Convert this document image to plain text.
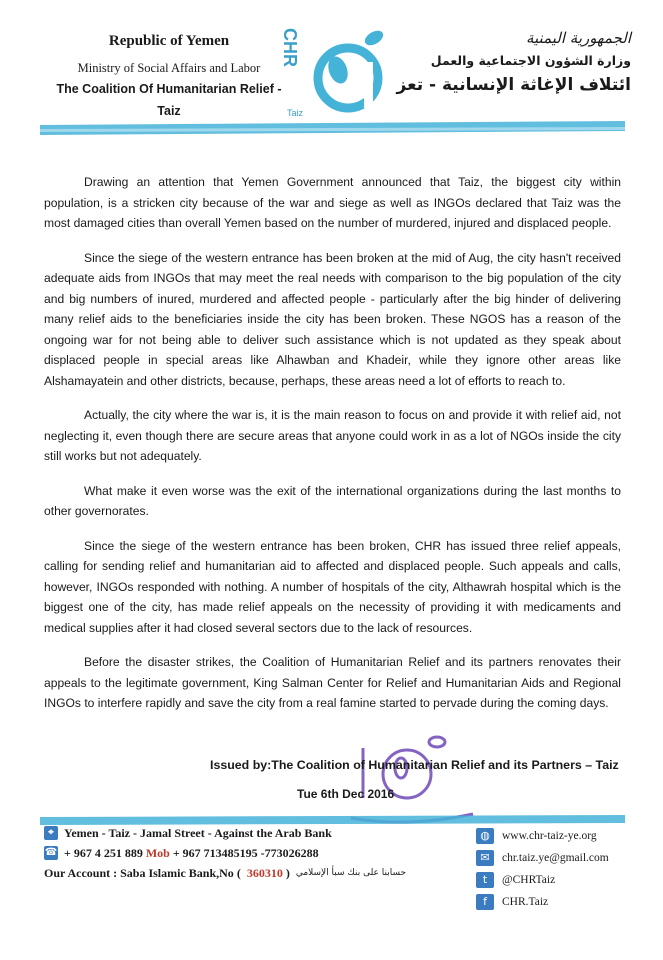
Republic of Yemen
Ministry of Social Affairs and Labor
The Coalition Of Humanitarian Relief - Taiz
CHR
Taiz
الجمهورية اليمنية
وزارة الشؤون الاجتماعية والعمل
ائتلاف الإغاثة الإنسانية - تعز

Drawing an attention that Yemen Government announced that Taiz, the biggest city within population, is a stricken city because of the war and siege as well as INGOs declared that Taiz was the most damaged cities than overall Yemen based on the number of murdered, injured and displaced people.

Since the siege of the western entrance has been broken at the mid of Aug, the city hasn't received adequate aids from INGOs that may meet the real needs with comparison to the big population of the city and big numbers of inured, murdered and affected people - particularly after the big hinder of delivering many relief aids to the beneficiaries inside the city has been broken. These NGOS has a reason of the ongoing war for not being able to deliver such assistance which is not updated as they speak about displaced people in special areas like Alhawban and Khadeir, while they ignore other areas like Alshamayatein and other districts, because, perhaps, these areas need a lot of efforts to reach to.

Actually, the city where the war is, it is the main reason to focus on and provide it with relief aid, not neglecting it, even though there are secure areas that anyone could work in as a lot of NGOs inside the city still works but not adequately.

What make it even worse was the exit of the international organizations during the last months to other governorates.

Since the siege of the western entrance has been broken, CHR has issued three relief appeals, calling for sending relief and humanitarian aid to affected and displaced people. Such appeals and calls, however, INGOs responded with nothing. A number of hospitals of the city, Althawrah hospital which is the biggest one of the city, has made relief appeals on the necessity of providing it with medicaments and medical supplies after it had closed several sectors due to the lack of resources.

Before the disaster strikes, the Coalition of Humanitarian Relief and its partners renovates their appeals to the legitimate government, King Salman Center for Relief and Humanitarian Aids and Regional INGOs to interfere rapidly and save the city from a real famine started to pervade during the coming days.

Issued by:The Coalition of Humanitarian Relief and its Partners – Taiz
Tue 6th Dec 2016
⌖ Yemen - Taiz - Jamal Street - Against the Arab Bank
☎ + 967 4 251 889 Mob + 967 713485195 -773026288
Our Account : Saba Islamic Bank,No ( 360310 ) حسابنا على بنك سبأ الإسلامي
◍	www.chr-taiz-ye.org
✉	chr.taiz.ye@gmail.com
t	@CHRTaiz
f	CHR.Taiz
